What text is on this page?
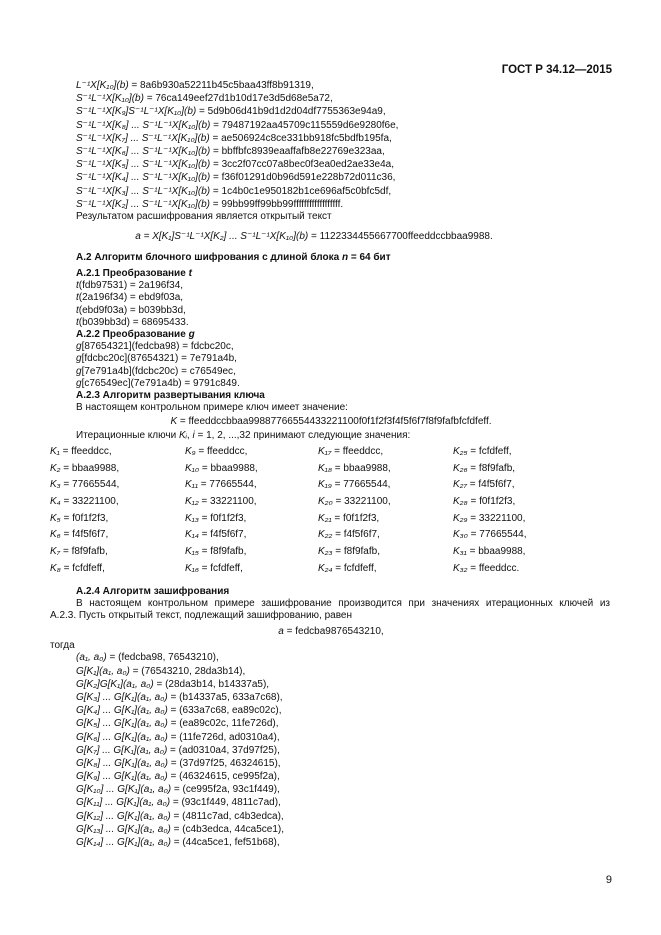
ГОСТ Р 34.12—2015
L⁻¹X[K₁₀](b) = 8a6b930a52211b45c5baa43ff8b91319,
S⁻¹L⁻¹X[K₁₀](b) = 76ca149eef27d1b10d17e3d5d68e5a72,
S⁻¹L⁻¹X[K₉]S⁻¹L⁻¹X[K₁₀](b) = 5d9b06d41b9d1d2d04df7755363e94a9,
S⁻¹L⁻¹X[K₈] ... S⁻¹L⁻¹X[K₁₀](b) = 79487192aa45709c115559d6e9280f6e,
S⁻¹L⁻¹X[K₇] ... S⁻¹L⁻¹X[K₁₀](b) = ae506924c8ce331bb918fc5bdfb195fa,
S⁻¹L⁻¹X[K₆] ... S⁻¹L⁻¹X[K₁₀](b) = bbffbfc8939eaaffafb8e22769e323aa,
S⁻¹L⁻¹X[K₅] ... S⁻¹L⁻¹X[K₁₀](b) = 3cc2f07cc07a8bec0f3ea0ed2ae33e4a,
S⁻¹L⁻¹X[K₄] ... S⁻¹L⁻¹X[K₁₀](b) = f36f01291d0b96d591e228b72d011c36,
S⁻¹L⁻¹X[K₃] ... S⁻¹L⁻¹X[K₁₀](b) = 1c4b0c1e950182b1ce696af5c0bfc5df,
S⁻¹L⁻¹X[K₂] ... S⁻¹L⁻¹X[K₁₀](b) = 99bb99ff99bb99ffffffffffffffffff.
Результатом расшифрования является открытый текст
a = X[K₁]S⁻¹L⁻¹X[K₂] ... S⁻¹L⁻¹X[K₁₀](b) = 1122334455667700ffeeddccbbaa9988.
А.2 Алгоритм блочного шифрования с длиной блока n = 64 бит
А.2.1 Преобразование t
t(fdb97531) = 2a196f34,
t(2a196f34) = ebd9f03a,
t(ebd9f03a) = b039bb3d,
t(b039bb3d) = 68695433.
А.2.2 Преобразование g
g[87654321](fedcba98) = fdcbc20c,
g[fdcbc20c](87654321) = 7e791a4b,
g[7e791a4b](fdcbc20c) = c76549ec,
g[c76549ec](7e791a4b) = 9791c849.
А.2.3 Алгоритм развертывания ключа
В настоящем контрольном примере ключ имеет значение:
K = ffeeddccbbaa99887766554433221100f0f1f2f3f4f5f6f7f8f9fafbfcfdfeff.
Итерационные ключи Kᵢ, i = 1, 2, ...,32 принимают следующие значения:
K₁ = ffeeddcc,
K₂ = bbaa9988,
K₃ = 77665544,
K₄ = 33221100,
K₅ = f0f1f2f3,
K₆ = f4f5f6f7,
K₇ = f8f9fafb,
K₈ = fcfdfeff,
K₉ = ffeeddcc,
K₁₀ = bbaa9988,
K₁₁ = 77665544,
K₁₂ = 33221100,
K₁₃ = f0f1f2f3,
K₁₄ = f4f5f6f7,
K₁₅ = f8f9fafb,
K₁₆ = fcfdfeff,
K₁₇ = ffeeddcc,
K₁₈ = bbaa9988,
K₁₉ = 77665544,
K₂₀ = 33221100,
K₂₁ = f0f1f2f3,
K₂₂ = f4f5f6f7,
K₂₃ = f8f9fafb,
K₂₄ = fcfdfeff,
K₂₅ = fcfdfeff,
K₂₆ = f8f9fafb,
K₂₇ = f4f5f6f7,
K₂₈ = f0f1f2f3,
K₂₉ = 33221100,
K₃₀ = 77665544,
K₃₁ = bbaa9988,
K₃₂ = ffeeddcc.
А.2.4 Алгоритм зашифрования
В настоящем контрольном примере зашифрование производится при значениях итерационных ключей из
А.2.3. Пусть открытый текст, подлежащий зашифрованию, равен
a = fedcba9876543210,
тогда
(a₁, a₀) = (fedcba98, 76543210),
G[K₁](a₁, a₀) = (76543210, 28da3b14),
G[K₂]G[K₁](a₁, a₀) = (28da3b14, b14337a5),
G[K₃] ... G[K₁](a₁, a₀) = (b14337a5, 633a7c68),
G[K₄] ... G[K₁](a₁, a₀) = (633a7c68, ea89c02c),
G[K₅] ... G[K₁](a₁, a₀) = (ea89c02c, 11fe726d),
G[K₆] ... G[K₁](a₁, a₀) = (11fe726d, ad0310a4),
G[K₇] ... G[K₁](a₁, a₀) = (ad0310a4, 37d97f25),
G[K₈] ... G[K₁](a₁, a₀) = (37d97f25, 46324615),
G[K₉] ... G[K₁](a₁, a₀) = (46324615, ce995f2a),
G[K₁₀] ... G[K₁](a₁, a₀) = (ce995f2a, 93c1f449),
G[K₁₁] ... G[K₁](a₁, a₀) = (93c1f449, 4811c7ad),
G[K₁₂] ... G[K₁](a₁, a₀) = (4811c7ad, c4b3edca),
G[K₁₃] ... G[K₁](a₁, a₀) = (c4b3edca, 44ca5ce1),
G[K₁₄] ... G[K₁](a₁, a₀) = (44ca5ce1, fef51b68),
9
